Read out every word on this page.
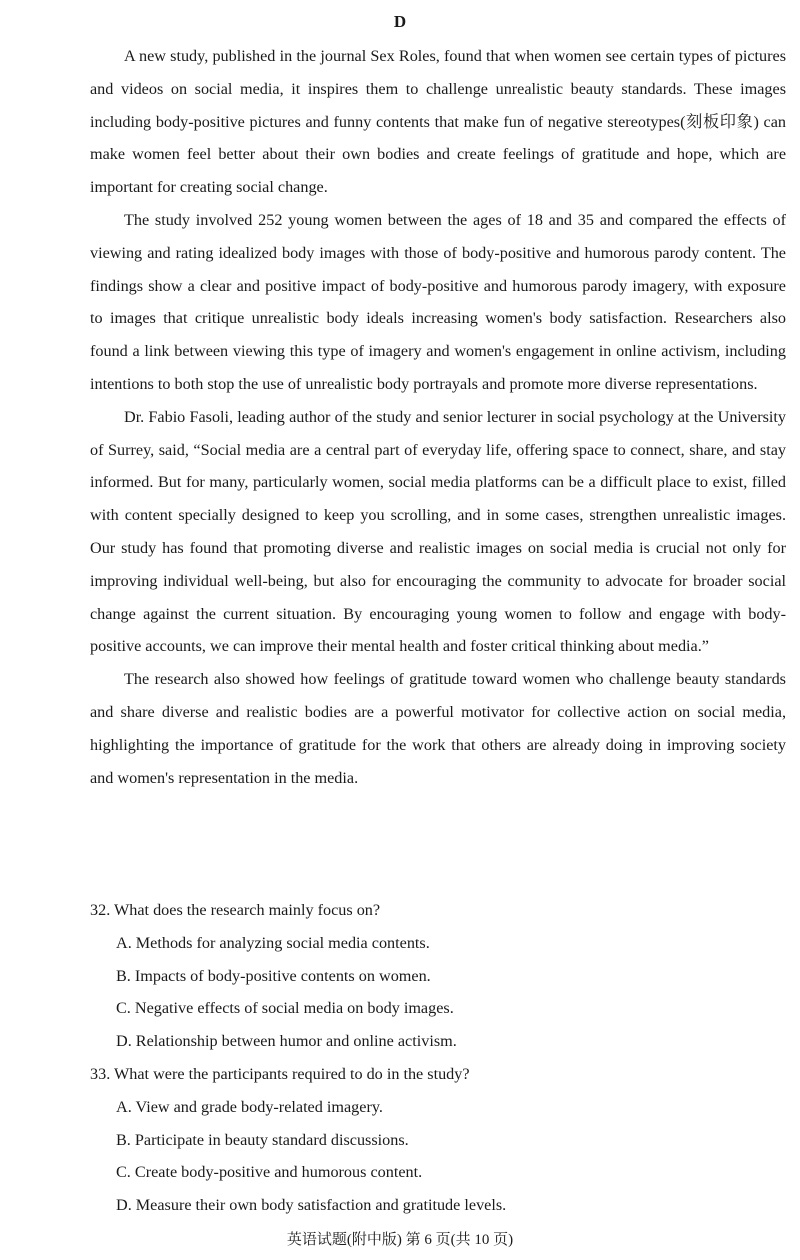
D

A new study, published in the journal Sex Roles, found that when women see certain types of pictures and videos on social media, it inspires them to challenge unrealistic beauty standards. These images including body-positive pictures and funny contents that make fun of negative stereotypes(刻板印象) can make women feel better about their own bodies and create feelings of gratitude and hope, which are important for creating social change.

The study involved 252 young women between the ages of 18 and 35 and compared the effects of viewing and rating idealized body images with those of body-positive and humorous parody content. The findings show a clear and positive impact of body-positive and humorous parody imagery, with exposure to images that critique unrealistic body ideals increasing women's body satisfaction. Researchers also found a link between viewing this type of imagery and women's engagement in online activism, including intentions to both stop the use of unrealistic body portrayals and promote more diverse representations.

Dr. Fabio Fasoli, leading author of the study and senior lecturer in social psychology at the University of Surrey, said, “Social media are a central part of everyday life, offering space to connect, share, and stay informed. But for many, particularly women, social media platforms can be a difficult place to exist, filled with content specially designed to keep you scrolling, and in some cases, strengthen unrealistic images. Our study has found that promoting diverse and realistic images on social media is crucial not only for improving individual well-being, but also for encouraging the community to advocate for broader social change against the current situation. By encouraging young women to follow and engage with body-positive accounts, we can improve their mental health and foster critical thinking about media.”

The research also showed how feelings of gratitude toward women who challenge beauty standards and share diverse and realistic bodies are a powerful motivator for collective action on social media, highlighting the importance of gratitude for the work that others are already doing in improving society and women's representation in the media.

32. What does the research mainly focus on?

A. Methods for analyzing social media contents.

B. Impacts of body-positive contents on women.

C. Negative effects of social media on body images.

D. Relationship between humor and online activism.

33. What were the participants required to do in the study?

A. View and grade body-related imagery.

B. Participate in beauty standard discussions.

C. Create body-positive and humorous content.

D. Measure their own body satisfaction and gratitude levels.

英语试题(附中版) 第 6 页(共 10 页)
